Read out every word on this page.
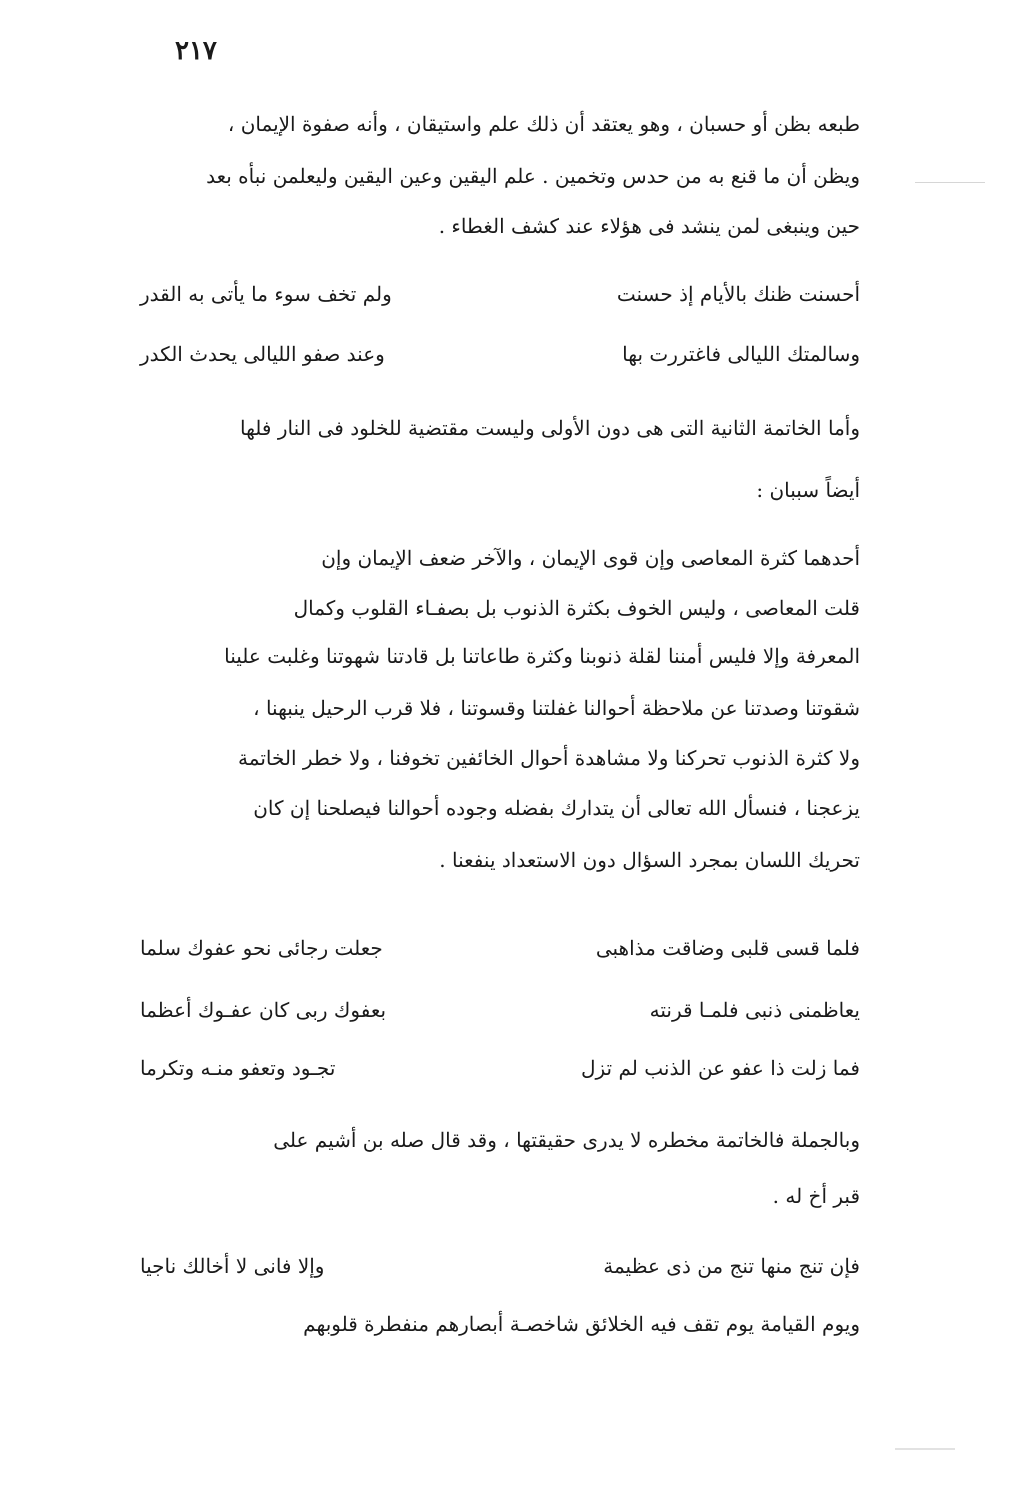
٢١٧
طبعه بظن أو حسبان ، وهو يعتقد أن ذلك علم واستيقان ، وأنه صفوة الإيمان ،
ويظن أن ما قنع به من حدس وتخمين . علم اليقين وعين اليقين وليعلمن نبأه بعد
حين وينبغى لمن ينشد فى هؤلاء عند كشف الغطاء .
أحسنت ظنك بالأيام إذ حسنت
ولم تخف سوء ما يأتى به القدر
وسالمتك الليالى فاغتررت بها
وعند صفو الليالى يحدث الكدر
وأما الخاتمة الثانية التى هى دون الأولى وليست مقتضية للخلود فى النار فلها
أيضاً سببان :
أحدهما كثرة المعاصى وإن قوى الإيمان ، والآخر ضعف الإيمان وإن
قلت المعاصى ، وليس الخوف بكثرة الذنوب بل بصفـاء القلوب وكمال
المعرفة وإلا فليس أمننا لقلة ذنوبنا وكثرة طاعاتنا بل قادتنا شهوتنا وغلبت علينا
شقوتنا وصدتنا عن ملاحظة أحوالنا غفلتنا وقسوتنا ، فلا قرب الرحيل ينبهنا ،
ولا كثرة الذنوب تحركنا ولا مشاهدة أحوال الخائفين تخوفنا ، ولا خطر الخاتمة
يزعجنا ، فنسأل الله تعالى أن يتدارك بفضله وجوده أحوالنا فيصلحنا إن كان
تحريك اللسان بمجرد السؤال دون الاستعداد ينفعنا .
فلما قسى قلبى وضاقت مذاهبى
جعلت رجائى نحو عفوك سلما
يعاظمنى ذنبى فلمـا قرنته
بعفوك ربى كان عفـوك أعظما
فما زلت ذا عفو عن الذنب لم تزل
تجـود وتعفو منـه وتكرما
وبالجملة فالخاتمة مخطره لا يدرى حقيقتها ، وقد قال صله بن أشيم على
قبر أخ له .
فإن تنج منها تنج من ذى عظيمة
وإلا فانى لا أخالك ناجيا
ويوم القيامة يوم تقف فيه الخلائق شاخصـة أبصارهم منفطرة قلوبهم
